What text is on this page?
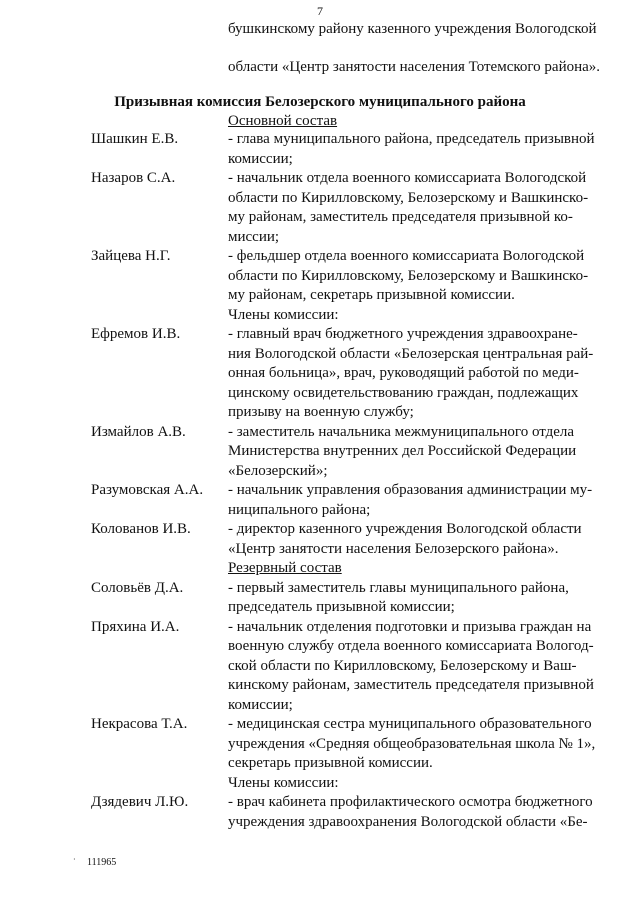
7
бушкинскому району казенного учреждения Вологодской
области «Центр занятости населения Тотемского района».
Призывная комиссия Белозерского муниципального района
Основной состав
Шашкин Е.В.	- глава муниципального района, председатель призывной
комиссии;
Назаров С.А.	- начальник отдела военного комиссариата Вологодской
области по Кирилловскому, Белозерскому и Вашкинско-
му районам, заместитель председателя призывной ко-
миссии;
Зайцева Н.Г.	- фельдшер отдела военного комиссариата Вологодской
области по Кирилловскому, Белозерскому и Вашкинско-
му районам, секретарь призывной комиссии.
Члены комиссии:
Ефремов И.В.	- главный врач бюджетного учреждения здравоохране-
ния Вологодской области «Белозерская центральная рай-
онная больница», врач, руководящий работой по меди-
цинскому освидетельствованию граждан, подлежащих
призыву на военную службу;
Измайлов А.В.	- заместитель начальника межмуниципального отдела
Министерства внутренних дел Российской Федерации
«Белозерский»;
Разумовская А.А. - начальник управления образования администрации му-
ниципального района;
Колованов И.В. - директор казенного учреждения Вологодской области
«Центр занятости населения Белозерского района».
Резервный состав
Соловьёв Д.А.	- первый заместитель главы муниципального района,
председатель призывной комиссии;
Пряхина И.А.	- начальник отделения подготовки и призыва граждан на
военную службу отдела военного комиссариата Вологод-
ской области по Кирилловскому, Белозерскому и Ваш-
кинскому районам, заместитель председателя призывной
комиссии;
Некрасова Т.А.	- медицинская сестра муниципального образовательного
учреждения «Средняя общеобразовательная школа № 1»,
секретарь призывной комиссии.
Члены комиссии:
Дзядевич Л.Ю.	- врач кабинета профилактического осмотра бюджетного
учреждения здравоохранения Вологодской области «Бе-
· 111965
